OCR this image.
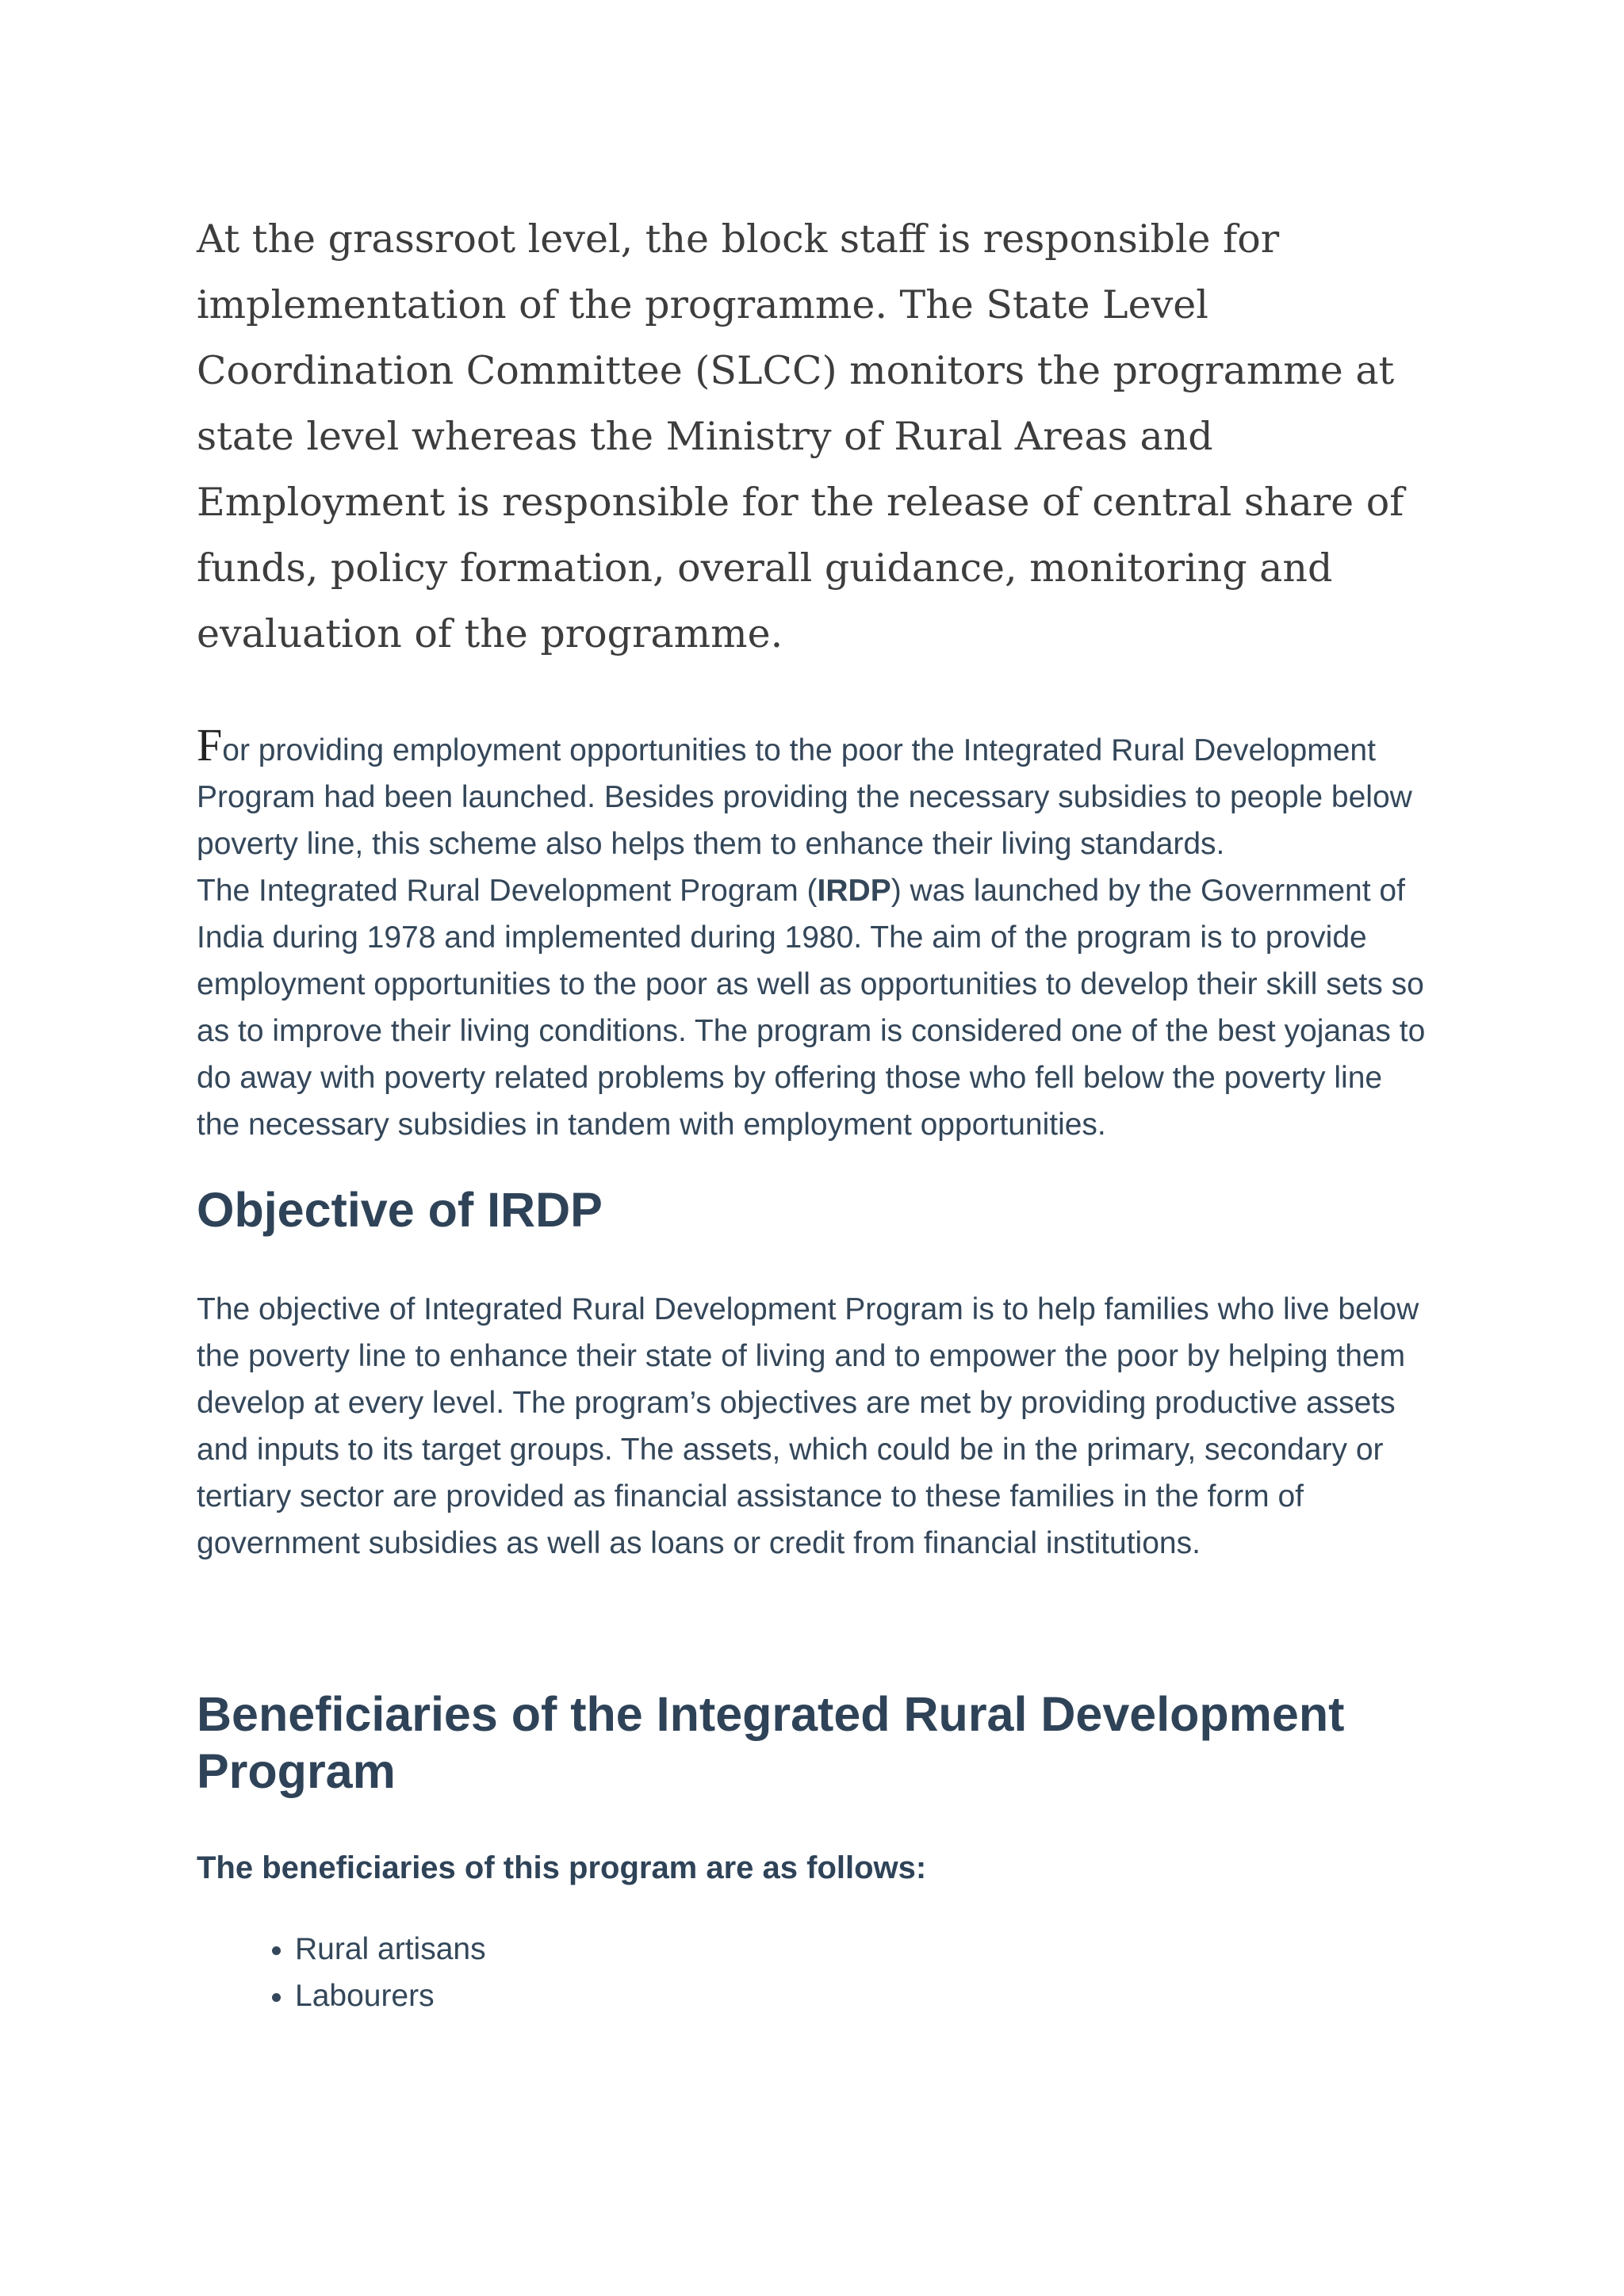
At the grassroot level, the block staff is responsible for implementation of the programme. The State Level Coordination Committee (SLCC) monitors the programme at state level whereas the Ministry of Rural Areas and Employment is responsible for the release of central share of funds, policy formation, overall guidance, monitoring and evaluation of the programme.

For providing employment opportunities to the poor the Integrated Rural Development Program had been launched. Besides providing the necessary subsidies to people below poverty line, this scheme also helps them to enhance their living standards.

The Integrated Rural Development Program (IRDP) was launched by the Government of India during 1978 and implemented during 1980. The aim of the program is to provide employment opportunities to the poor as well as opportunities to develop their skill sets so as to improve their living conditions. The program is considered one of the best yojanas to do away with poverty related problems by offering those who fell below the poverty line the necessary subsidies in tandem with employment opportunities.

Objective of IRDP

The objective of Integrated Rural Development Program is to help families who live below the poverty line to enhance their state of living and to empower the poor by helping them develop at every level. The program’s objectives are met by providing productive assets and inputs to its target groups. The assets, which could be in the primary, secondary or tertiary sector are provided as financial assistance to these families in the form of government subsidies as well as loans or credit from financial institutions.

Beneficiaries of the Integrated Rural Development Program

The beneficiaries of this program are as follows:

• Rural artisans
• Labourers
